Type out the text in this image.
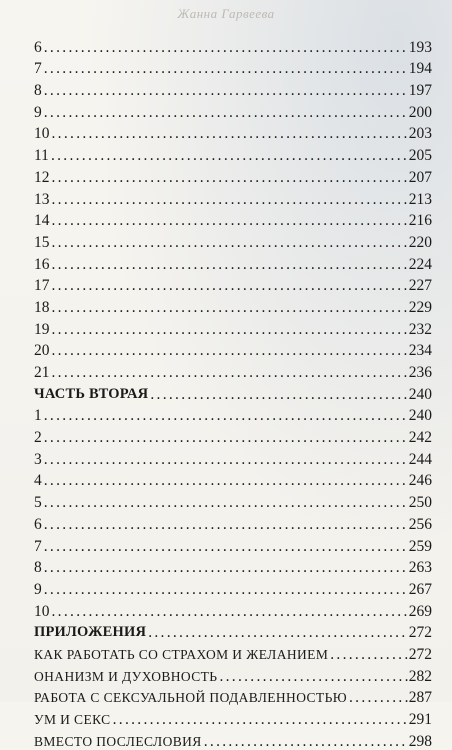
Жанна Гарвеева
6 .....	193
7 .....	194
8 .....	197
9 .....	200
10 .....	203
11 .....	205
12 .....	207
13 .....	213
14 .....	216
15 .....	220
16 .....	224
17 .....	227
18 .....	229
19 .....	232
20 .....	234
21 .....	236
ЧАСТЬ ВТОРАЯ .....	240
1 .....	240
2 .....	242
3 .....	244
4 .....	246
5 .....	250
6 .....	256
7 .....	259
8 .....	263
9 .....	267
10 .....	269
ПРИЛОЖЕНИЯ .....	272
КАК РАБОТАТЬ СО СТРАХОМ И ЖЕЛАНИЕМ .....	272
ОНАНИЗМ И ДУХОВНОСТЬ .....	282
РАБОТА С СЕКСУАЛЬНОЙ ПОДАВЛЕННОСТЬЮ .....	287
УМ И СЕКС .....	291
ВМЕСТО ПОСЛЕСЛОВИЯ .....	298
